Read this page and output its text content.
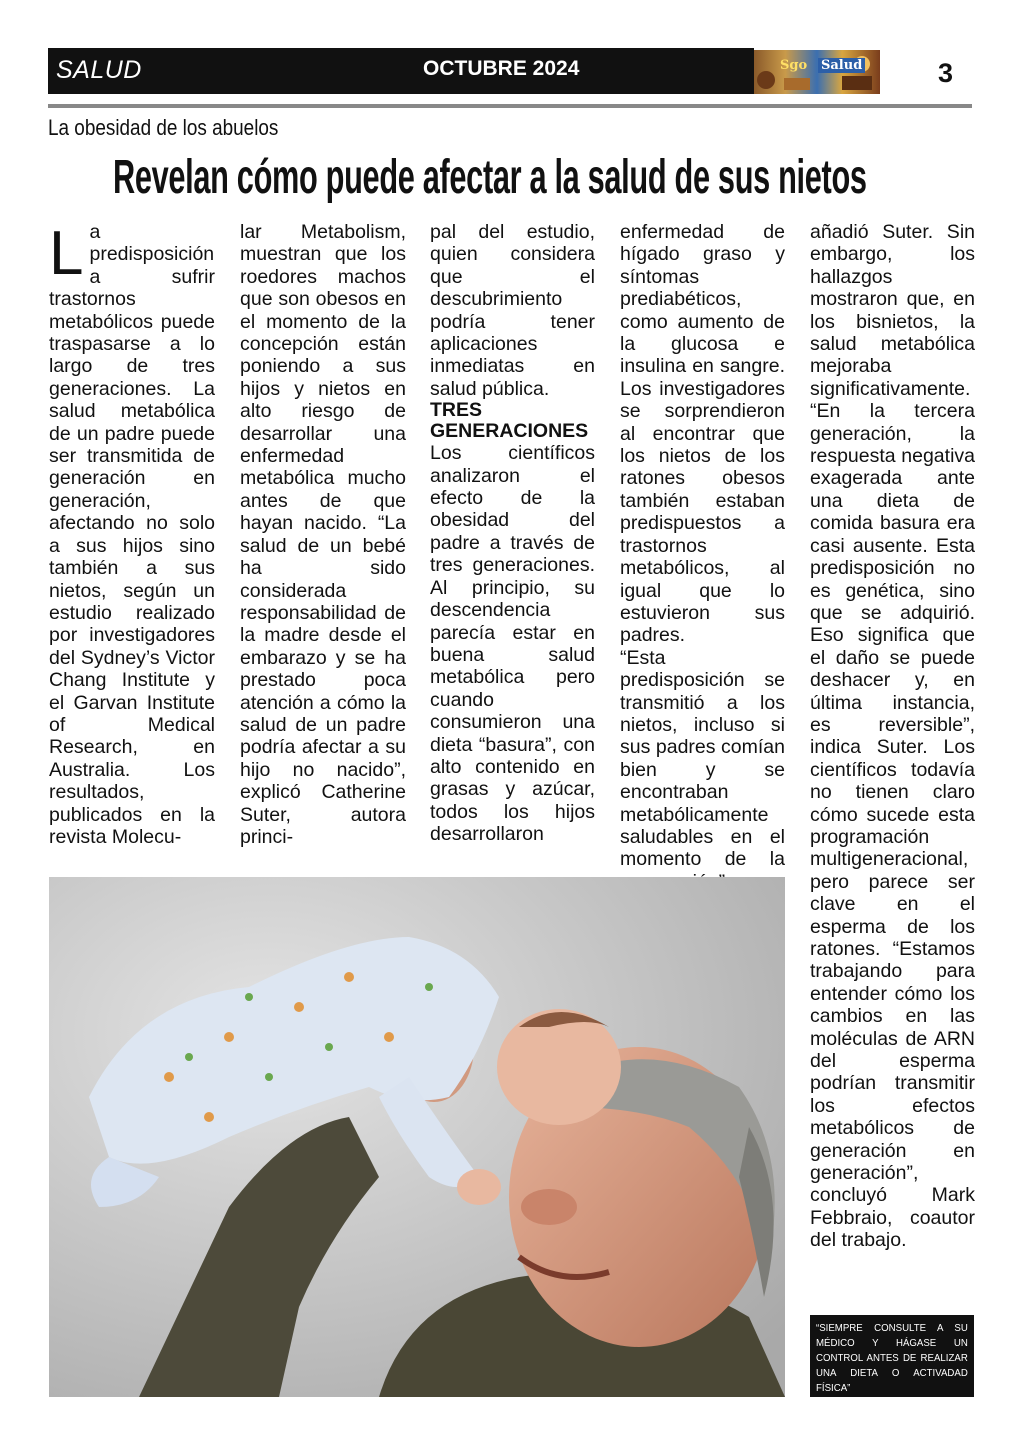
SALUD	OCTUBRE 2024	Sgo Salud	3
La obesidad de los abuelos
Revelan cómo puede afectar a la salud de sus nietos
L a predisposición a sufrir trastornos metabólicos puede traspasarse a lo largo de tres generaciones. La salud metabólica de un padre puede ser transmitida de generación en generación, afectando no solo a sus hijos sino también a sus nietos, según un estudio realizado por investigadores del Sydney’s Victor Chang Institute y el Garvan Institute of Medical Research, en Australia. Los resultados, publicados en la revista Molecu-

lar Metabolism, muestran que los roedores machos que son obesos en el momento de la concepción están poniendo a sus hijos y nietos en alto riesgo de desarrollar una enfermedad metabólica mucho antes de que hayan nacido. “La salud de un bebé ha sido considerada responsabilidad de la madre desde el embarazo y se ha prestado poca atención a cómo la salud de un padre podría afectar a su hijo no nacido”, explicó Catherine Suter, autora princi-

pal del estudio, quien considera que el descubrimiento podría tener aplicaciones inmediatas en salud pública.

TRES GENERACIONES

Los científicos analizaron el efecto de la obesidad del padre a través de tres generaciones. Al principio, su descendencia parecía estar en buena salud metabólica pero cuando consumieron una dieta “basura”, con alto contenido en grasas y azúcar, todos los hijos desarrollaron

enfermedad de hígado graso y síntomas prediabéticos, como aumento de la glucosa e insulina en sangre. Los investigadores se sorprendieron al encontrar que los nietos de los ratones obesos también estaban predispuestos a trastornos metabólicos, al igual que lo estuvieron sus padres.

“Esta predisposición se transmitió a los nietos, incluso si sus padres comían bien y se encontraban metabólicamente saludables en el momento de la

añadió Suter. Sin embargo, los hallazgos mostraron que, en los bisnietos, la salud metabólica mejoraba significativamente. “En la tercera generación, la respuesta negativa exagerada ante una dieta de comida basura era casi ausente. Esta predisposición no es genética, sino que se adquirió. Eso significa que el daño se puede deshacer y, en última instancia, es reversible”, indica Suter. Los científicos todavía no tienen claro cómo sucede esta programación multigeneracional, pero parece ser clave en el esperma de los ratones. “Estamos trabajando para entender cómo los cambios en las moléculas de ARN del esperma podrían transmitir los efectos metabólicos de generación en generación”, concluyó Mark Febbraio, coautor del trabajo.

“SIEMPRE CONSULTE A SU MÉDICO Y HÁGASE UN CONTROL ANTES DE REALIZAR UNA DIETA O ACTIVADAD FÍSICA”
